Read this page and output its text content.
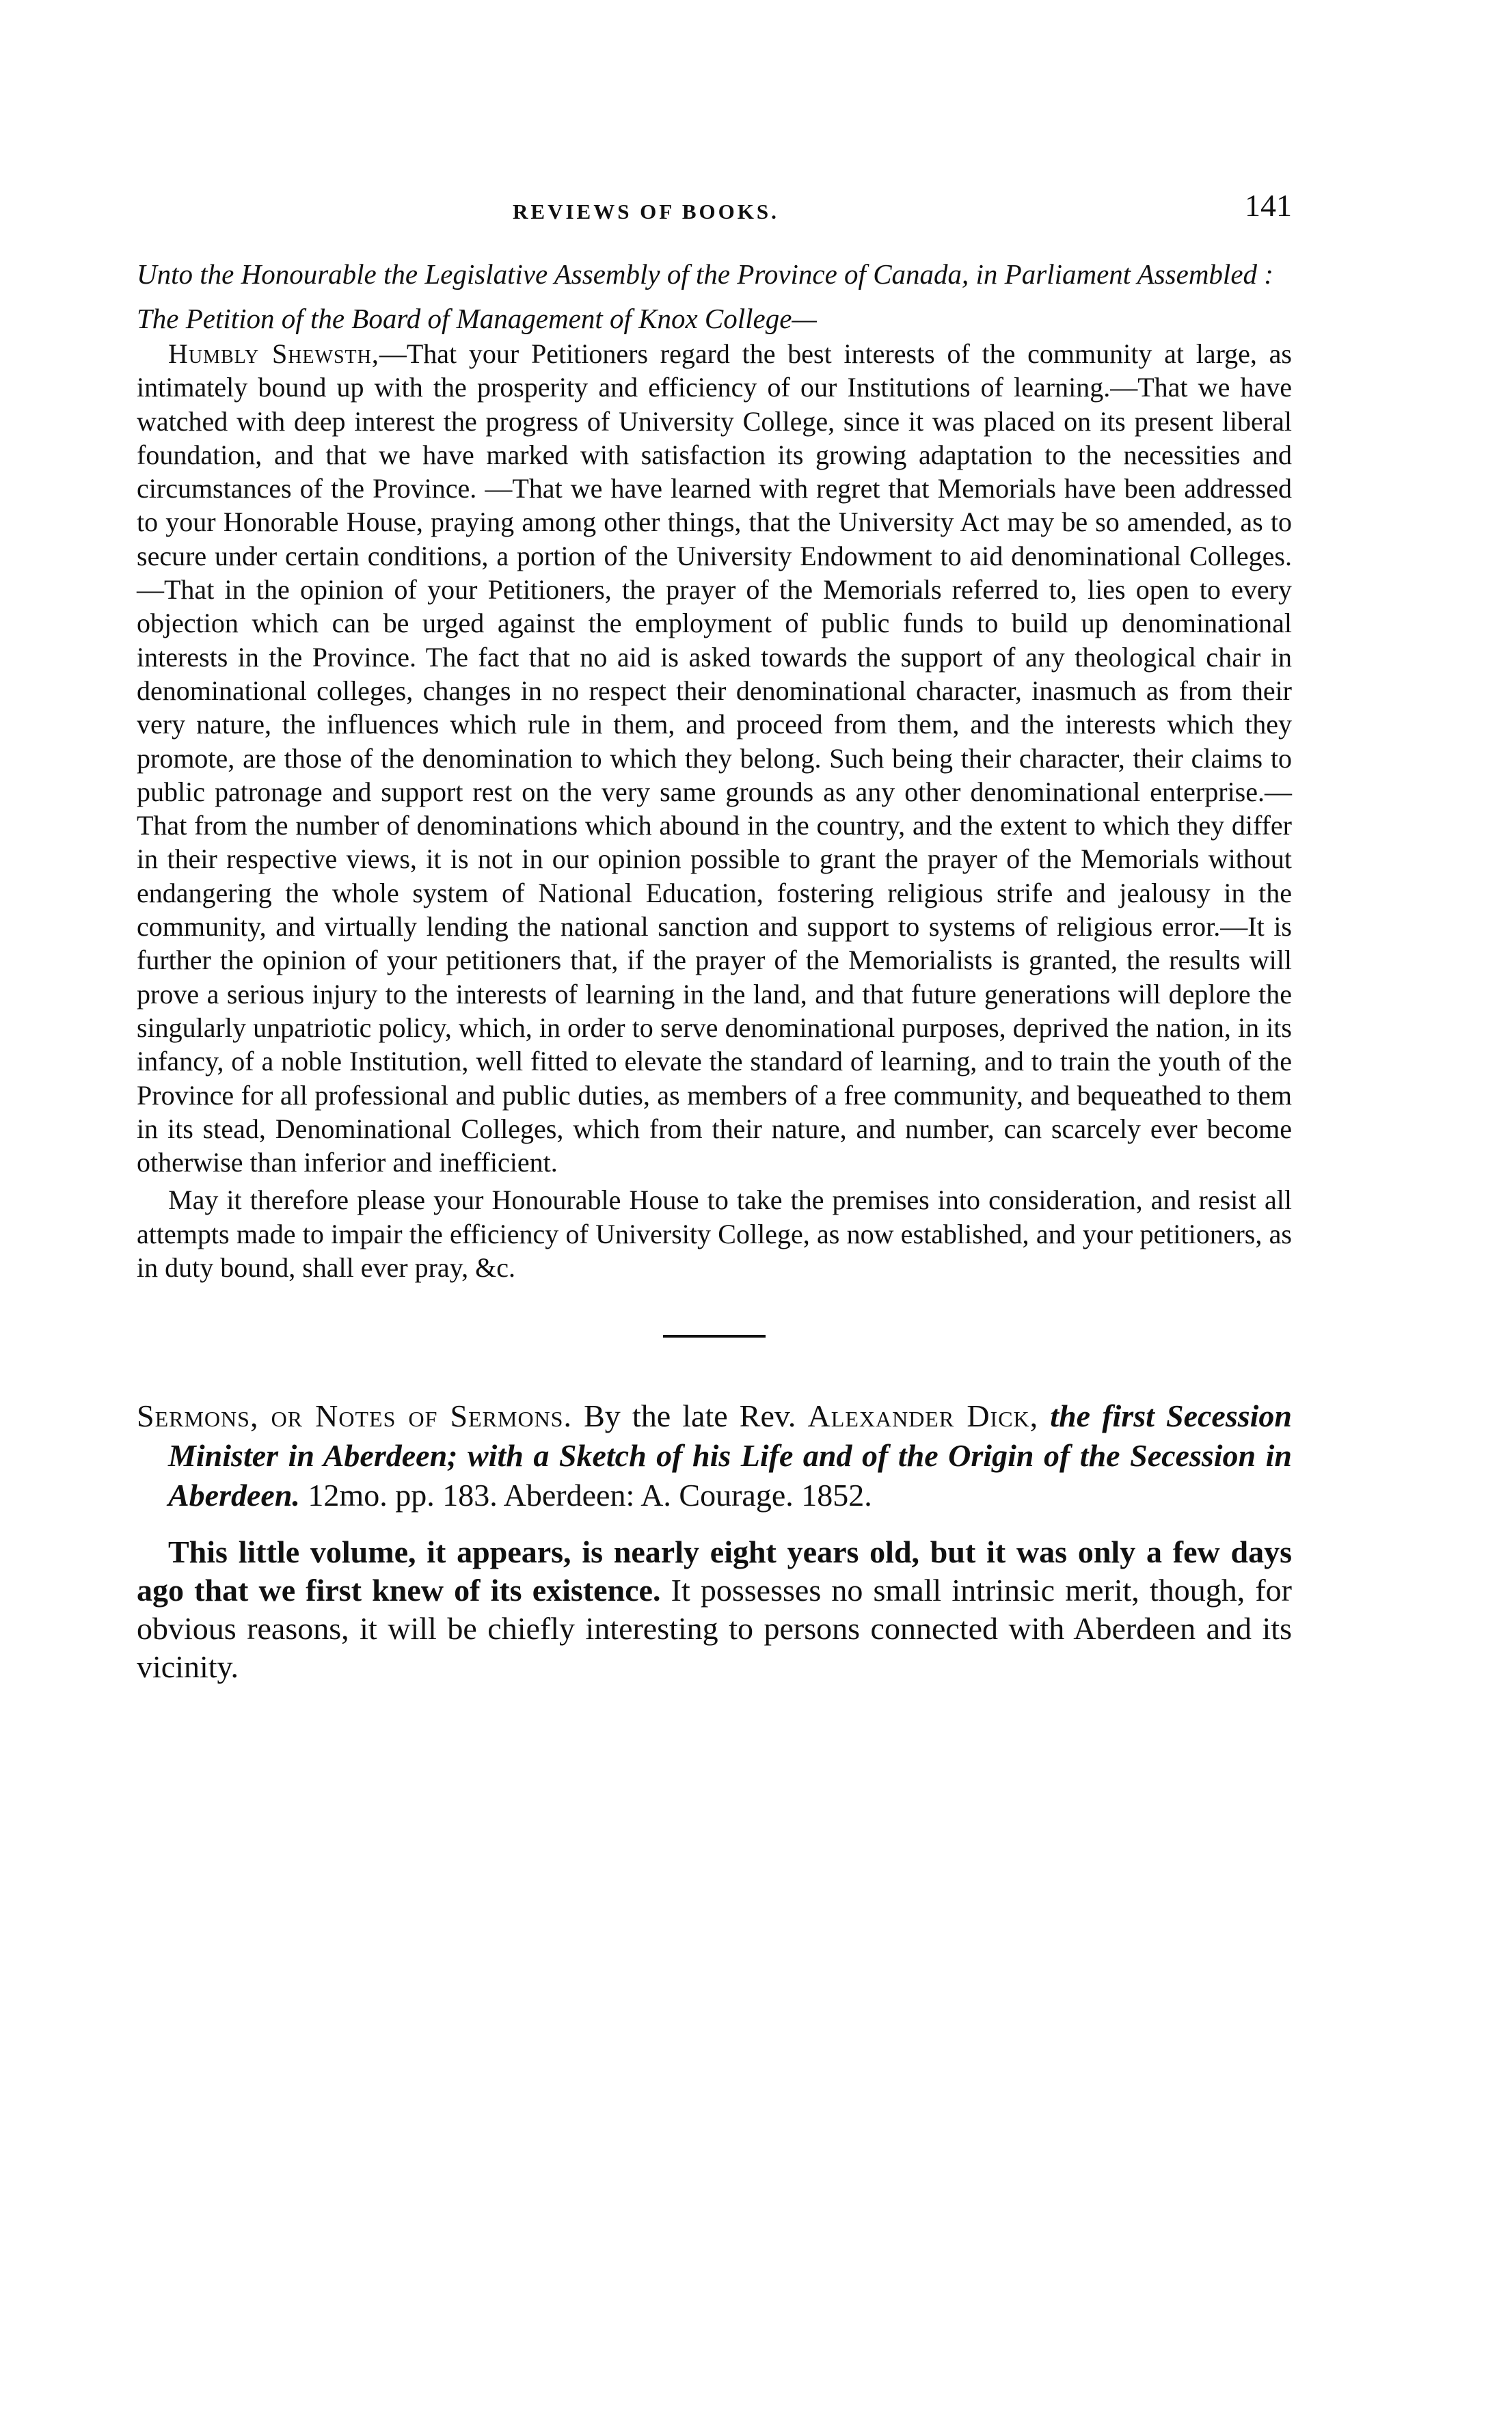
REVIEWS OF BOOKS.	141
Unto the Honourable the Legislative Assembly of the Province of Canada, in Parliament Assembled :
The Petition of the Board of Management of Knox College—

Humbly Shewsth,—That your Petitioners regard the best interests of the community at large, as intimately bound up with the prosperity and efficiency of our Institutions of learning.—That we have watched with deep interest the progress of University College, since it was placed on its present liberal foundation, and that we have marked with satisfaction its growing adaptation to the necessities and circumstances of the Province. —That we have learned with regret that Memorials have been addressed to your Honorable House, praying among other things, that the University Act may be so amended, as to secure under certain conditions, a portion of the University Endowment to aid denominational Colleges.—That in the opinion of your Petitioners, the prayer of the Memorials referred to, lies open to every objection which can be urged against the employment of public funds to build up denominational interests in the Province. The fact that no aid is asked towards the support of any theological chair in denominational colleges, changes in no respect their denominational character, inasmuch as from their very nature, the influences which rule in them, and proceed from them, and the interests which they promote, are those of the denomination to which they belong. Such being their character, their claims to public patronage and support rest on the very same grounds as any other denominational enterprise.—That from the number of denominations which abound in the country, and the extent to which they differ in their respective views, it is not in our opinion possible to grant the prayer of the Memorials without endangering the whole system of National Education, fostering religious strife and jealousy in the community, and virtually lending the national sanction and support to systems of religious error.—It is further the opinion of your petitioners that, if the prayer of the Memorialists is granted, the results will prove a serious injury to the interests of learning in the land, and that future generations will deplore the singularly unpatriotic policy, which, in order to serve denominational purposes, deprived the nation, in its infancy, of a noble Institution, well fitted to elevate the standard of learning, and to train the youth of the Province for all professional and public duties, as members of a free community, and bequeathed to them in its stead, Denominational Colleges, which from their nature, and number, can scarcely ever become otherwise than inferior and inefficient.

May it therefore please your Honourable House to take the premises into consideration, and resist all attempts made to impair the efficiency of University College, as now established, and your petitioners, as in duty bound, shall ever pray, &c.

Sermons, or Notes of Sermons. By the late Rev. Alexander Dick, the first Secession Minister in Aberdeen; with a Sketch of his Life and of the Origin of the Secession in Aberdeen. 12mo. pp. 183. Aberdeen: A. Courage. 1852.

This little volume, it appears, is nearly eight years old, but it was only a few days ago that we first knew of its existence. It possesses no small intrinsic merit, though, for obvious reasons, it will be chiefly interesting to persons connected with Aberdeen and its vicinity.
